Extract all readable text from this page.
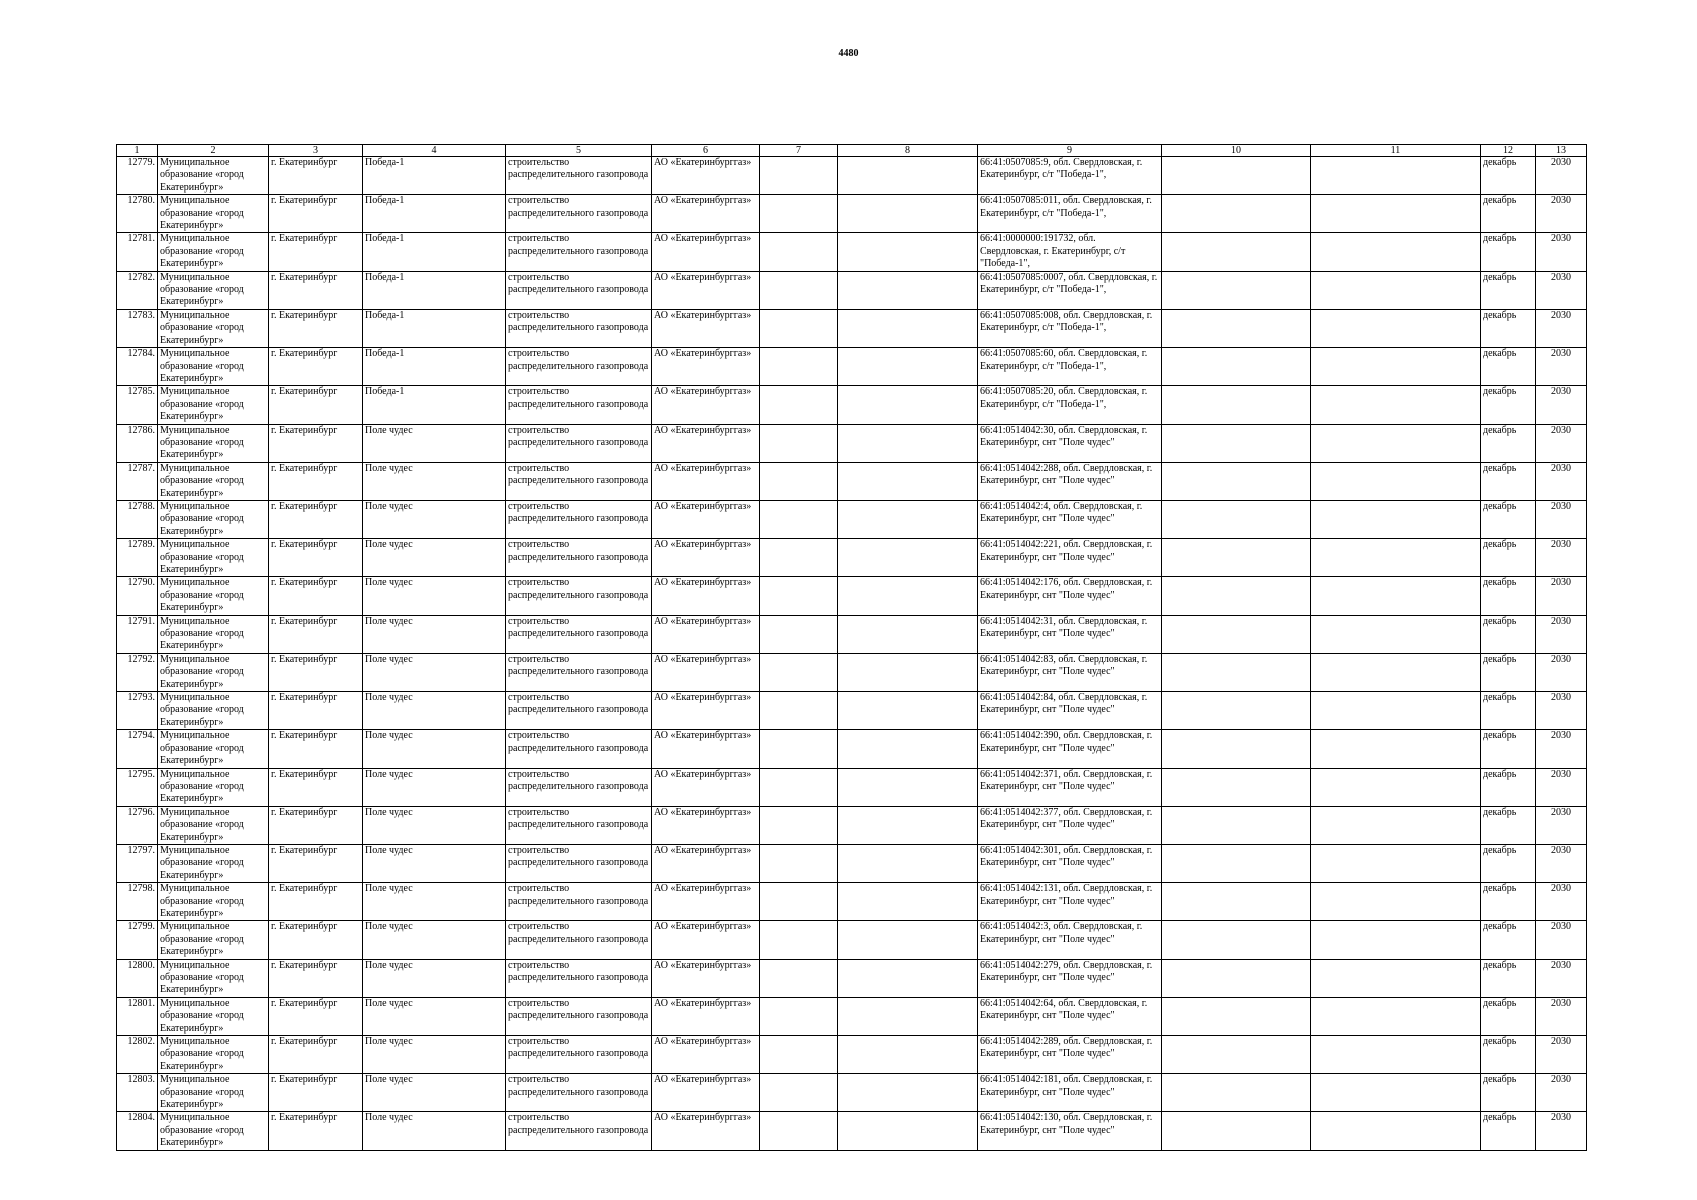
4480
1	2	3	4	5	6	7	8	9	10	11	12	13
12779.	Муниципальное образование «город Екатеринбург»	г. Екатеринбург	Победа-1	строительство распределительного газопровода	АО «Екатеринбурггаз»			66:41:0507085:9, обл. Свердловская, г. Екатеринбург, с/т "Победа-1",			декабрь	2030
12780.	Муниципальное образование «город Екатеринбург»	г. Екатеринбург	Победа-1	строительство распределительного газопровода	АО «Екатеринбурггаз»			66:41:0507085:011, обл. Свердловская, г. Екатеринбург, с/т "Победа-1",			декабрь	2030
12781.	Муниципальное образование «город Екатеринбург»	г. Екатеринбург	Победа-1	строительство распределительного газопровода	АО «Екатеринбурггаз»			66:41:0000000:191732, обл. Свердловская, г. Екатеринбург, с/т "Победа-1",			декабрь	2030
12782.	Муниципальное образование «город Екатеринбург»	г. Екатеринбург	Победа-1	строительство распределительного газопровода	АО «Екатеринбурггаз»			66:41:0507085:0007, обл. Свердловская, г. Екатеринбург, с/т "Победа-1",			декабрь	2030
12783.	Муниципальное образование «город Екатеринбург»	г. Екатеринбург	Победа-1	строительство распределительного газопровода	АО «Екатеринбурггаз»			66:41:0507085:008, обл. Свердловская, г. Екатеринбург, с/т "Победа-1",			декабрь	2030
12784.	Муниципальное образование «город Екатеринбург»	г. Екатеринбург	Победа-1	строительство распределительного газопровода	АО «Екатеринбурггаз»			66:41:0507085:60, обл. Свердловская, г. Екатеринбург, с/т "Победа-1",			декабрь	2030
12785.	Муниципальное образование «город Екатеринбург»	г. Екатеринбург	Победа-1	строительство распределительного газопровода	АО «Екатеринбурггаз»			66:41:0507085:20, обл. Свердловская, г. Екатеринбург, с/т "Победа-1",			декабрь	2030
12786.	Муниципальное образование «город Екатеринбург»	г. Екатеринбург	Поле чудес	строительство распределительного газопровода	АО «Екатеринбурггаз»			66:41:0514042:30, обл. Свердловская, г. Екатеринбург, снт "Поле чудес"			декабрь	2030
12787.	Муниципальное образование «город Екатеринбург»	г. Екатеринбург	Поле чудес	строительство распределительного газопровода	АО «Екатеринбурггаз»			66:41:0514042:288, обл. Свердловская, г. Екатеринбург, снт "Поле чудес"			декабрь	2030
12788.	Муниципальное образование «город Екатеринбург»	г. Екатеринбург	Поле чудес	строительство распределительного газопровода	АО «Екатеринбурггаз»			66:41:0514042:4, обл. Свердловская, г. Екатеринбург, снт "Поле чудес"			декабрь	2030
12789.	Муниципальное образование «город Екатеринбург»	г. Екатеринбург	Поле чудес	строительство распределительного газопровода	АО «Екатеринбурггаз»			66:41:0514042:221, обл. Свердловская, г. Екатеринбург, снт "Поле чудес"			декабрь	2030
12790.	Муниципальное образование «город Екатеринбург»	г. Екатеринбург	Поле чудес	строительство распределительного газопровода	АО «Екатеринбурггаз»			66:41:0514042:176, обл. Свердловская, г. Екатеринбург, снт "Поле чудес"			декабрь	2030
12791.	Муниципальное образование «город Екатеринбург»	г. Екатеринбург	Поле чудес	строительство распределительного газопровода	АО «Екатеринбурггаз»			66:41:0514042:31, обл. Свердловская, г. Екатеринбург, снт "Поле чудес"			декабрь	2030
12792.	Муниципальное образование «город Екатеринбург»	г. Екатеринбург	Поле чудес	строительство распределительного газопровода	АО «Екатеринбурггаз»			66:41:0514042:83, обл. Свердловская, г. Екатеринбург, снт "Поле чудес"			декабрь	2030
12793.	Муниципальное образование «город Екатеринбург»	г. Екатеринбург	Поле чудес	строительство распределительного газопровода	АО «Екатеринбурггаз»			66:41:0514042:84, обл. Свердловская, г. Екатеринбург, снт "Поле чудес"			декабрь	2030
12794.	Муниципальное образование «город Екатеринбург»	г. Екатеринбург	Поле чудес	строительство распределительного газопровода	АО «Екатеринбурггаз»			66:41:0514042:390, обл. Свердловская, г. Екатеринбург, снт "Поле чудес"			декабрь	2030
12795.	Муниципальное образование «город Екатеринбург»	г. Екатеринбург	Поле чудес	строительство распределительного газопровода	АО «Екатеринбурггаз»			66:41:0514042:371, обл. Свердловская, г. Екатеринбург, снт "Поле чудес"			декабрь	2030
12796.	Муниципальное образование «город Екатеринбург»	г. Екатеринбург	Поле чудес	строительство распределительного газопровода	АО «Екатеринбурггаз»			66:41:0514042:377, обл. Свердловская, г. Екатеринбург, снт "Поле чудес"			декабрь	2030
12797.	Муниципальное образование «город Екатеринбург»	г. Екатеринбург	Поле чудес	строительство распределительного газопровода	АО «Екатеринбурггаз»			66:41:0514042:301, обл. Свердловская, г. Екатеринбург, снт "Поле чудес"			декабрь	2030
12798.	Муниципальное образование «город Екатеринбург»	г. Екатеринбург	Поле чудес	строительство распределительного газопровода	АО «Екатеринбурггаз»			66:41:0514042:131, обл. Свердловская, г. Екатеринбург, снт "Поле чудес"			декабрь	2030
12799.	Муниципальное образование «город Екатеринбург»	г. Екатеринбург	Поле чудес	строительство распределительного газопровода	АО «Екатеринбурггаз»			66:41:0514042:3, обл. Свердловская, г. Екатеринбург, снт "Поле чудес"			декабрь	2030
12800.	Муниципальное образование «город Екатеринбург»	г. Екатеринбург	Поле чудес	строительство распределительного газопровода	АО «Екатеринбурггаз»			66:41:0514042:279, обл. Свердловская, г. Екатеринбург, снт "Поле чудес"			декабрь	2030
12801.	Муниципальное образование «город Екатеринбург»	г. Екатеринбург	Поле чудес	строительство распределительного газопровода	АО «Екатеринбурггаз»			66:41:0514042:64, обл. Свердловская, г. Екатеринбург, снт "Поле чудес"			декабрь	2030
12802.	Муниципальное образование «город Екатеринбург»	г. Екатеринбург	Поле чудес	строительство распределительного газопровода	АО «Екатеринбурггаз»			66:41:0514042:289, обл. Свердловская, г. Екатеринбург, снт "Поле чудес"			декабрь	2030
12803.	Муниципальное образование «город Екатеринбург»	г. Екатеринбург	Поле чудес	строительство распределительного газопровода	АО «Екатеринбурггаз»			66:41:0514042:181, обл. Свердловская, г. Екатеринбург, снт "Поле чудес"			декабрь	2030
12804.	Муниципальное образование «город Екатеринбург»	г. Екатеринбург	Поле чудес	строительство распределительного газопровода	АО «Екатеринбурггаз»			66:41:0514042:130, обл. Свердловская, г. Екатеринбург, снт "Поле чудес"			декабрь	2030
